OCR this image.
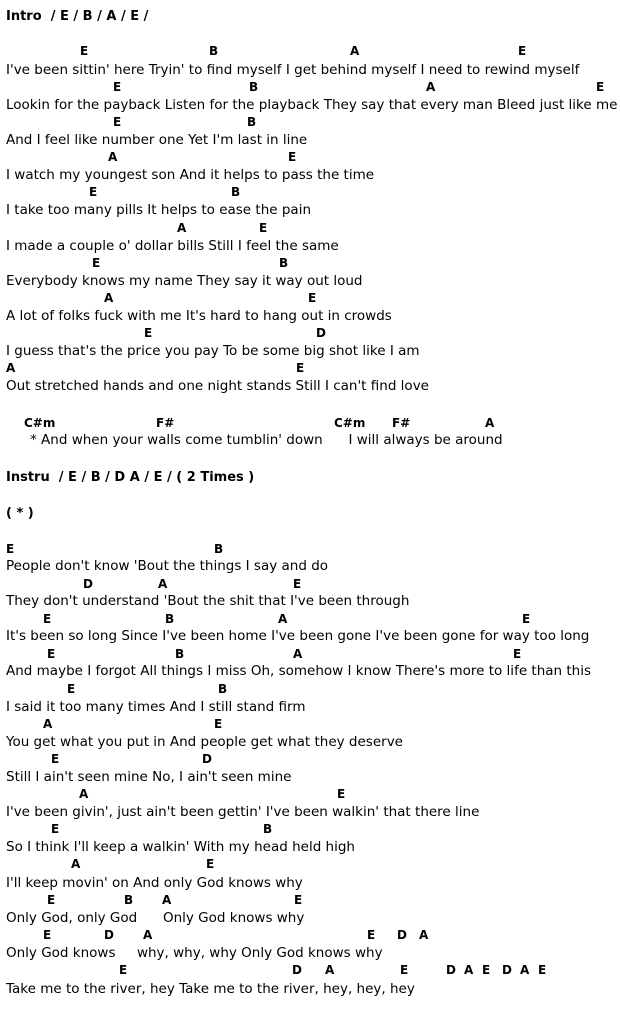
Intro  / E / B / A / E /
E	B	A	E
I've been sittin' here Tryin' to find myself I get behind myself I need to rewind myself
E	B	A	E
Lookin for the payback Listen for the playback They say that every man Bleed just like me
E	B
And I feel like number one Yet I'm last in line
A	E
I watch my youngest son And it helps to pass the time
E	B
I take too many pills It helps to ease the pain
A	E
I made a couple o' dollar bills Still I feel the same
E	B
Everybody knows my name They say it way out loud
A	E
A lot of folks fuck with me It's hard to hang out in crowds
E	D
I guess that's the price you pay To be some big shot like I am
A	E
Out stretched hands and one night stands Still I can't find love
C#m	F#	C#m F#	A
* And when your walls come tumblin' down      I will always be around
Instru  / E / B / D A / E / ( 2 Times )
( * )
E	B
People don't know 'Bout the things I say and do
D	A	E
They don't understand 'Bout the shit that I've been through
E	B	A	E
It's been so long Since I've been home I've been gone I've been gone for way too long
E	B	A	E
And maybe I forgot All things I miss Oh, somehow I know There's more to life than this
E	B
I said it too many times And I still stand firm
A	E
You get what you put in And people get what they deserve
E	D
Still I ain't seen mine No, I ain't seen mine
A	E
I've been givin', just ain't been gettin' I've been walkin' that there line
E	B
So I think I'll keep a walkin' With my head held high
A	E
I'll keep movin' on And only God knows why
E	B A	E
Only God, only God      Only God knows why
E	D A	E D A
Only God knows     why, why, why Only God knows why
E	D A	E	D A E D A E
Take me to the river, hey Take me to the river, hey, hey, hey
